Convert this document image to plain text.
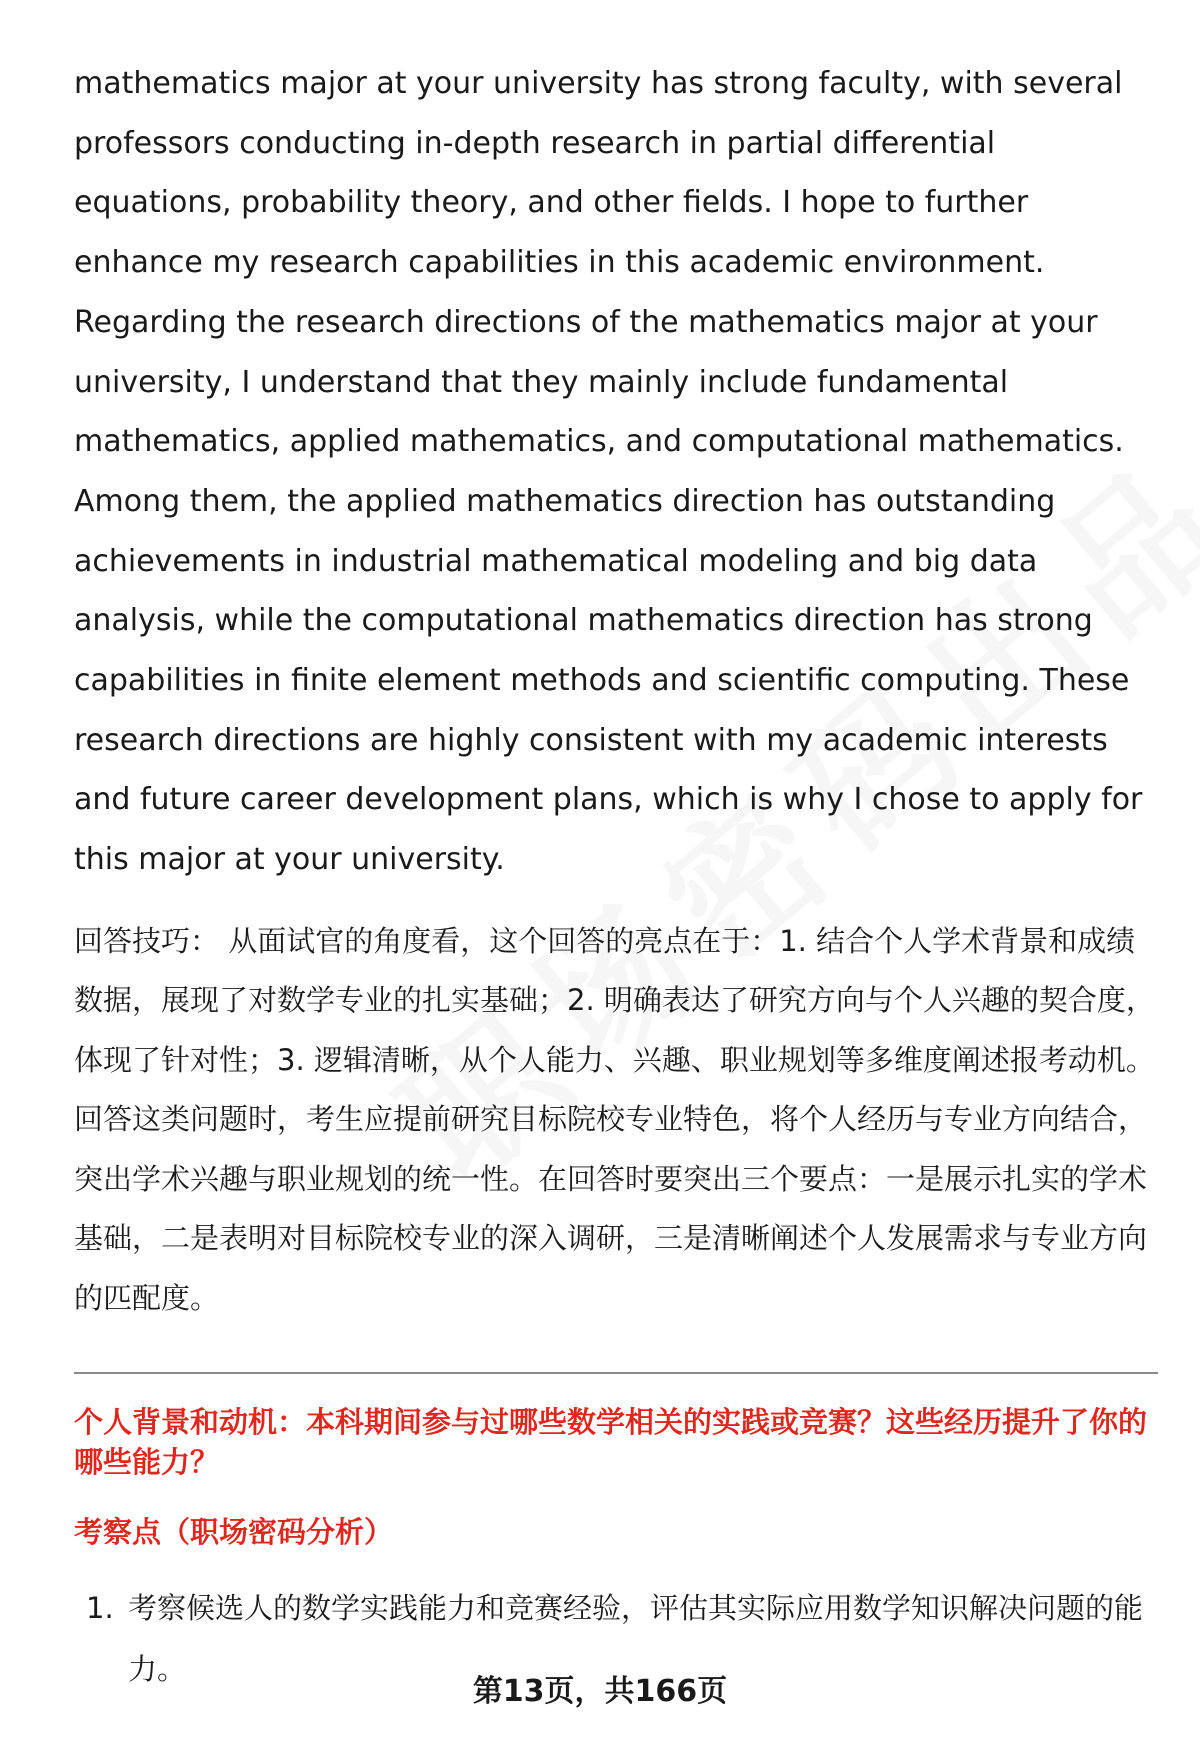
mathematics major at your university has strong faculty, with several professors conducting in-depth research in partial differential equations, probability theory, and other fields. I hope to further enhance my research capabilities in this academic environment. Regarding the research directions of the mathematics major at your university, I understand that they mainly include fundamental mathematics, applied mathematics, and computational mathematics. Among them, the applied mathematics direction has outstanding achievements in industrial mathematical modeling and big data analysis, while the computational mathematics direction has strong capabilities in finite element methods and scientific computing. These research directions are highly consistent with my academic interests and future career development plans, which is why I chose to apply for this major at your university.

回答技巧： 从面试官的角度看，这个回答的亮点在于：1. 结合个人学术背景和成绩数据，展现了对数学专业的扎实基础；2. 明确表达了研究方向与个人兴趣的契合度，体现了针对性；3. 逻辑清晰，从个人能力、兴趣、职业规划等多维度阐述报考动机。回答这类问题时，考生应提前研究目标院校专业特色，将个人经历与专业方向结合，突出学术兴趣与职业规划的统一性。在回答时要突出三个要点：一是展示扎实的学术基础，二是表明对目标院校专业的深入调研，三是清晰阐述个人发展需求与专业方向的匹配度。

个人背景和动机：本科期间参与过哪些数学相关的实践或竞赛？这些经历提升了你的哪些能力？

考察点（职场密码分析）

1. 考察候选人的数学实践能力和竞赛经验，评估其实际应用数学知识解决问题的能力。
第13页，共166页
